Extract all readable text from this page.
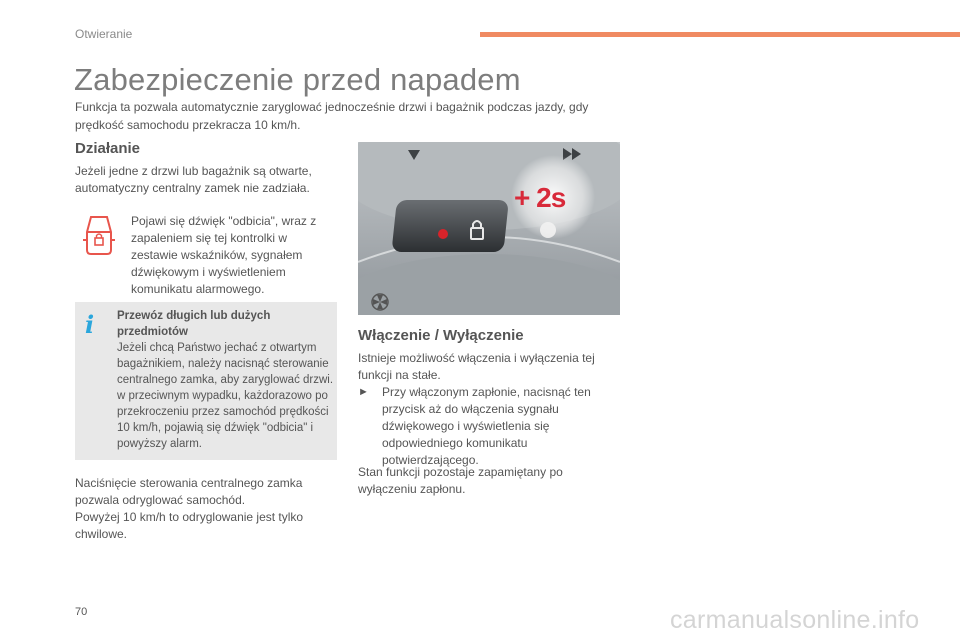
Otwieranie
Zabezpieczenie przed napadem

Funkcja ta pozwala automatycznie zaryglować jednocześnie drzwi i bagażnik podczas jazdy, gdy prędkość samochodu przekracza 10 km/h.

Działanie

Jeżeli jedne z drzwi lub bagażnik są otwarte, automatyczny centralny zamek nie zadziała.

Pojawi się dźwięk "odbicia", wraz z zapaleniem się tej kontrolki w zestawie wskaźników, sygnałem dźwiękowym i wyświetleniem komunikatu alarmowego.

i Przewóz długich lub dużych przedmiotów

Jeżeli chcą Państwo jechać z otwartym bagażnikiem, należy nacisnąć sterowanie centralnego zamka, aby zaryglować drzwi. w przeciwnym wypadku, każdorazowo po przekroczeniu przez samochód prędkości 10 km/h, pojawią się dźwięk "odbicia" i powyższy alarm.

Naciśnięcie sterowania centralnego zamka pozwala odryglować samochód.

Powyżej 10 km/h to odryglowanie jest tylko chwilowe.

+ 2s
Włączenie / Wyłączenie

Istnieje możliwość włączenia i wyłączenia tej funkcji na stałe.

► Przy włączonym zapłonie, nacisnąć ten przycisk aż do włączenia sygnału dźwiękowego i wyświetlenia się odpowiedniego komunikatu potwierdzającego.

Stan funkcji pozostaje zapamiętany po wyłączeniu zapłonu.

70	carmanualsonline.info
